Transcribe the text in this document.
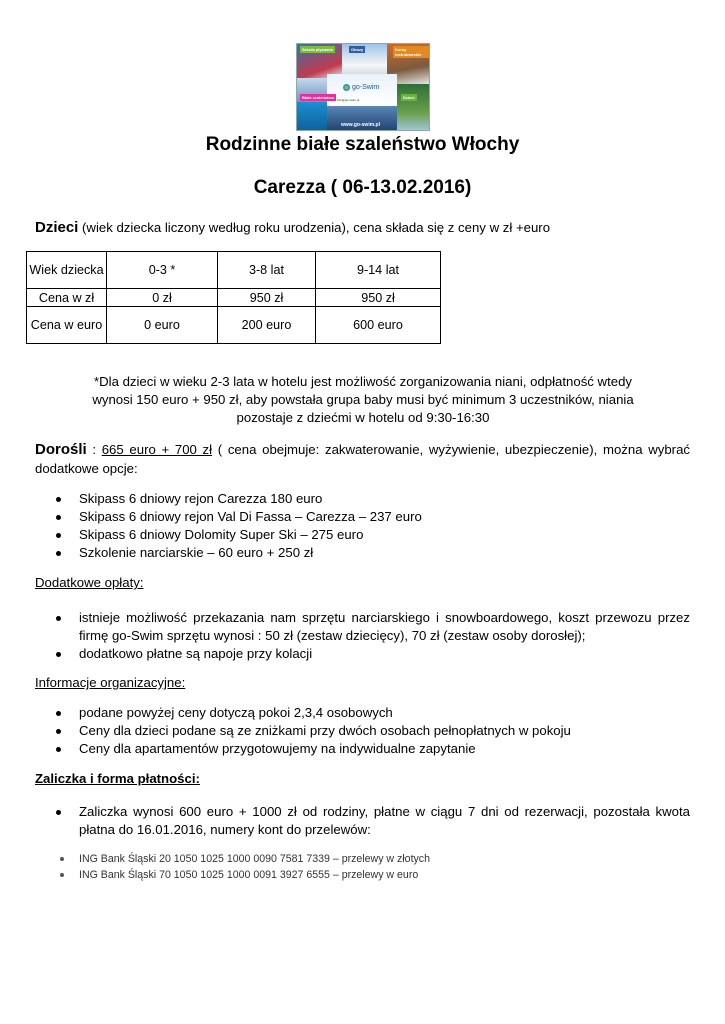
Szkoła pływania	Obozy	Kursy instruktorskie
Białe szaleństwo	Dzieci
go-Swim
info@go-swim.pl
www.go-swim.pl
Rodzinne białe szaleństwo Włochy
Carezza ( 06-13.02.2016)
Dzieci (wiek dziecka liczony według roku urodzenia), cena składa się z ceny w zł +euro
Wiek dziecka	0-3 *	3-8 lat	9-14 lat
Cena w zł	0 zł	950 zł	950 zł
Cena w euro	0 euro	200 euro	600 euro
*Dla dzieci w wieku 2-3 lata w hotelu jest możliwość zorganizowania niani, odpłatność wtedy wynosi 150 euro + 950 zł, aby powstała grupa baby musi być minimum 3 uczestników, niania pozostaje z dziećmi w hotelu od 9:30-16:30
Dorośli : 665 euro + 700 zł ( cena obejmuje: zakwaterowanie, wyżywienie, ubezpieczenie), można wybrać dodatkowe opcje:
Skipass 6 dniowy rejon Carezza 180 euro
Skipass 6 dniowy rejon Val Di Fassa – Carezza – 237 euro
Skipass 6 dniowy Dolomity Super Ski – 275 euro
Szkolenie narciarskie – 60 euro + 250 zł
Dodatkowe opłaty:
istnieje możliwość przekazania nam sprzętu narciarskiego i snowboardowego, koszt przewozu przez firmę go-Swim sprzętu wynosi : 50 zł (zestaw dziecięcy), 70 zł (zestaw osoby dorosłej);
dodatkowo płatne są napoje przy kolacji
Informacje organizacyjne:
podane powyżej ceny dotyczą pokoi 2,3,4 osobowych
Ceny dla dzieci podane są ze zniżkami przy dwóch osobach pełnopłatnych w pokoju
Ceny dla apartamentów przygotowujemy na indywidualne zapytanie
Zaliczka i forma płatności:
Zaliczka wynosi 600 euro + 1000 zł od rodziny, płatne w ciągu 7 dni od rezerwacji, pozostała kwota płatna do 16.01.2016, numery kont do przelewów:
ING Bank Śląski 20 1050 1025 1000 0090 7581 7339 – przelewy w złotych
ING Bank Śląski 70 1050 1025 1000 0091 3927 6555 – przelewy w euro
